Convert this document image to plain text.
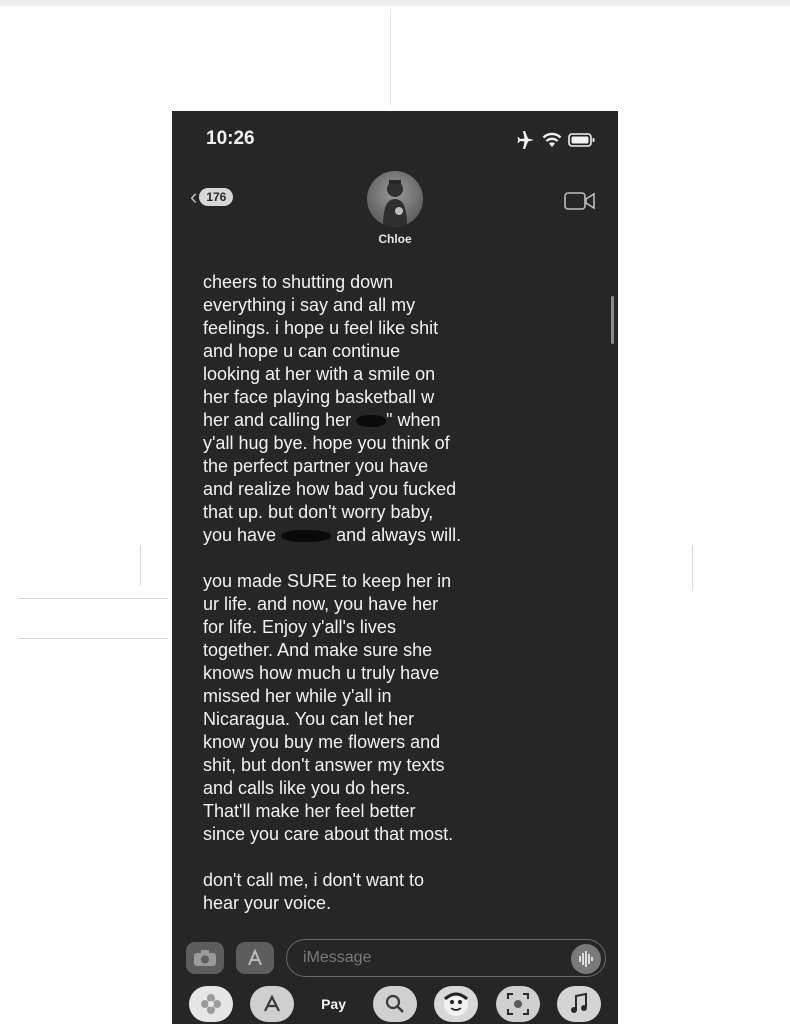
10:26
‹ 176
Chloe

cheers to shutting down
everything i say and all my
feelings. i hope u feel like shit
and hope u can continue
looking at her with a smile on
her face playing basketball w
her and calling her " when
y'all hug bye. hope you think of
the perfect partner you have
and realize how bad you fucked
that up. but don't worry baby,
you have	and always will.

you made SURE to keep her in
ur life. and now, you have her
for life. Enjoy y'all's lives
together. And make sure she
knows how much u truly have
missed her while y'all in
Nicaragua. You can let her
know you buy me flowers and
shit, but don't answer my texts
and calls like you do hers.
That'll make her feel better
since you care about that most.

don't call me, i don't want to
hear your voice.

iMessage
Pay
